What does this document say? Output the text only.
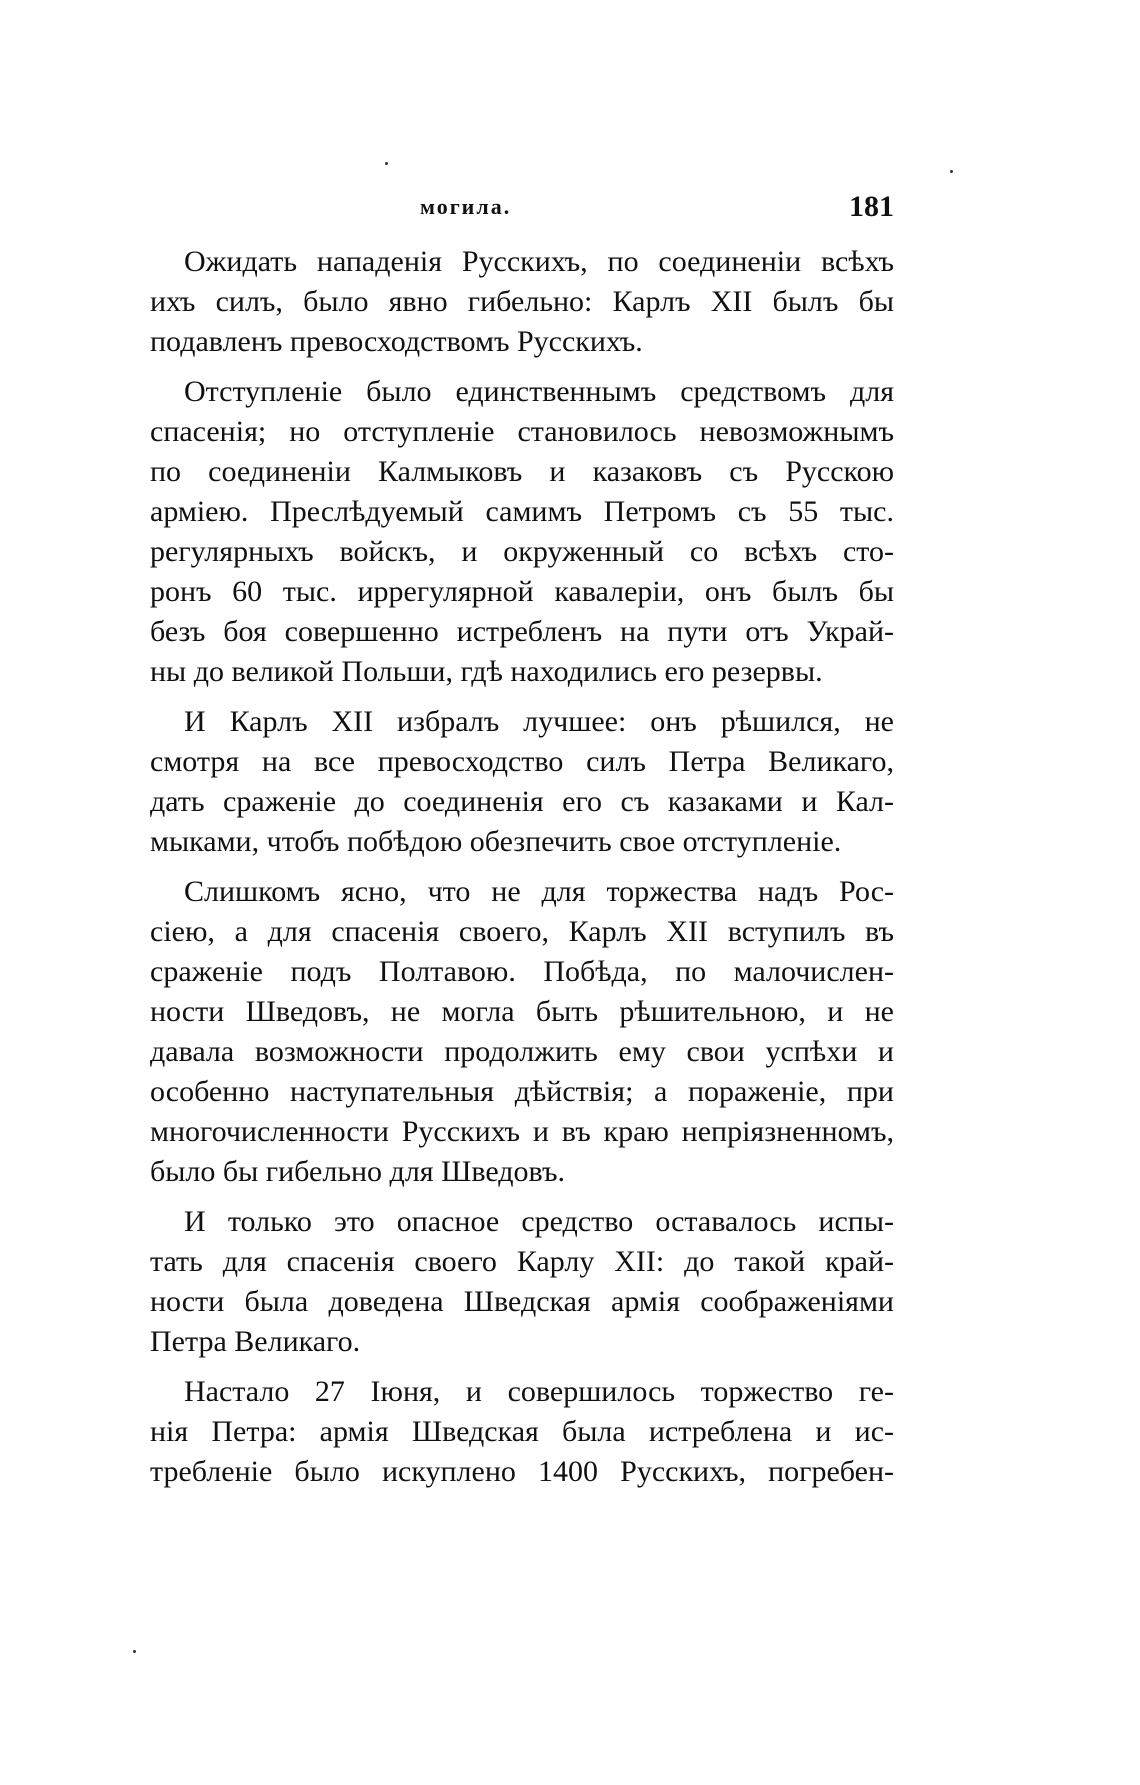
могила.	181
Ожидать нападенія Русскихъ, по соединеніи всѣхъ
ихъ силъ, было явно гибельно: Карлъ XII былъ бы
подавленъ превосходствомъ Русскихъ.
Отступленіе было единственнымъ средствомъ для
спасенія; но отступленіе становилось невозможнымъ
по соединеніи Калмыковъ и казаковъ съ Русскою
арміею. Преслѣдуемый самимъ Петромъ съ 55 тыс.
регулярныхъ войскъ, и окруженный со всѣхъ сто-
ронъ 60 тыс. иррегулярной кавалеріи, онъ былъ бы
безъ боя совершенно истребленъ на пути отъ Украй-
ны до великой Польши, гдѣ находились его резервы.
И Карлъ XII избралъ лучшее: онъ рѣшился, не
смотря на все превосходство силъ Петра Великаго,
дать сраженіе до соединенія его съ казаками и Кал-
мыками, чтобъ побѣдою обезпечить свое отступленіе.
Слишкомъ ясно, что не для торжества надъ Рос-
сіею, а для спасенія своего, Карлъ XII вступилъ въ
сраженіе подъ Полтавою. Побѣда, по малочислен-
ности Шведовъ, не могла быть рѣшительною, и не
давала возможности продолжить ему свои успѣхи и
особенно наступательныя дѣйствія; а пораженіе, при
многочисленности Русскихъ и въ краю непріязненномъ,
было бы гибельно для Шведовъ.
И только это опасное средство оставалось испы-
тать для спасенія своего Карлу XII: до такой край-
ности была доведена Шведская армія соображеніями
Петра Великаго.
Настало 27 Іюня, и совершилось торжество ге-
нія Петра: армія Шведская была истреблена и ис-
требленіе было искуплено 1400 Русскихъ, погребен-
